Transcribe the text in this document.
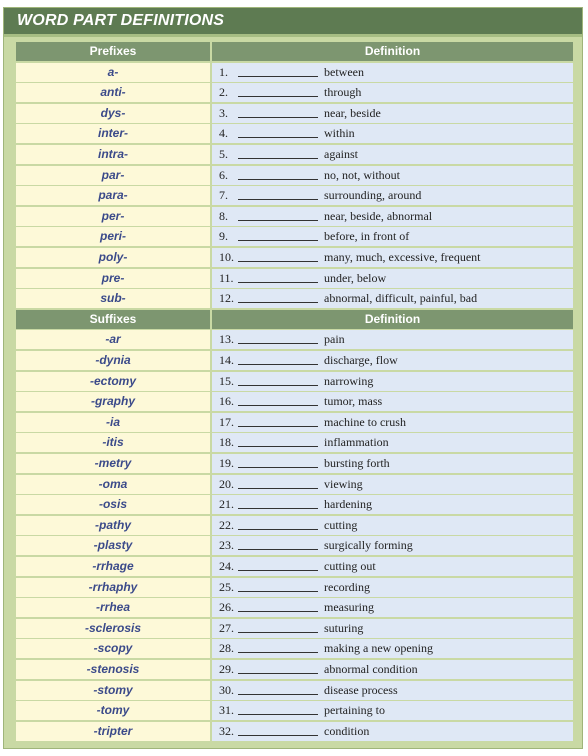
WORD PART DEFINITIONS
Prefixes	Definition
a-	1.	between
anti-	2.	through
dys-	3.	near, beside
inter-	4.	within
intra-	5.	against
par-	6.	no, not, without
para-	7.	surrounding, around
per-	8.	near, beside, abnormal
peri-	9.	before, in front of
poly-	10.	many, much, excessive, frequent
pre-	11.	under, below
sub-	12.	abnormal, difficult, painful, bad
Suffixes	Definition
-ar	13.	pain
-dynia	14.	discharge, flow
-ectomy	15.	narrowing
-graphy	16.	tumor, mass
-ia	17.	machine to crush
-itis	18.	inflammation
-metry	19.	bursting forth
-oma	20.	viewing
-osis	21.	hardening
-pathy	22.	cutting
-plasty	23.	surgically forming
-rrhage	24.	cutting out
-rrhaphy	25.	recording
-rrhea	26.	measuring
-sclerosis	27.	suturing
-scopy	28.	making a new opening
-stenosis	29.	abnormal condition
-stomy	30.	disease process
-tomy	31.	pertaining to
-tripter	32.	condition
